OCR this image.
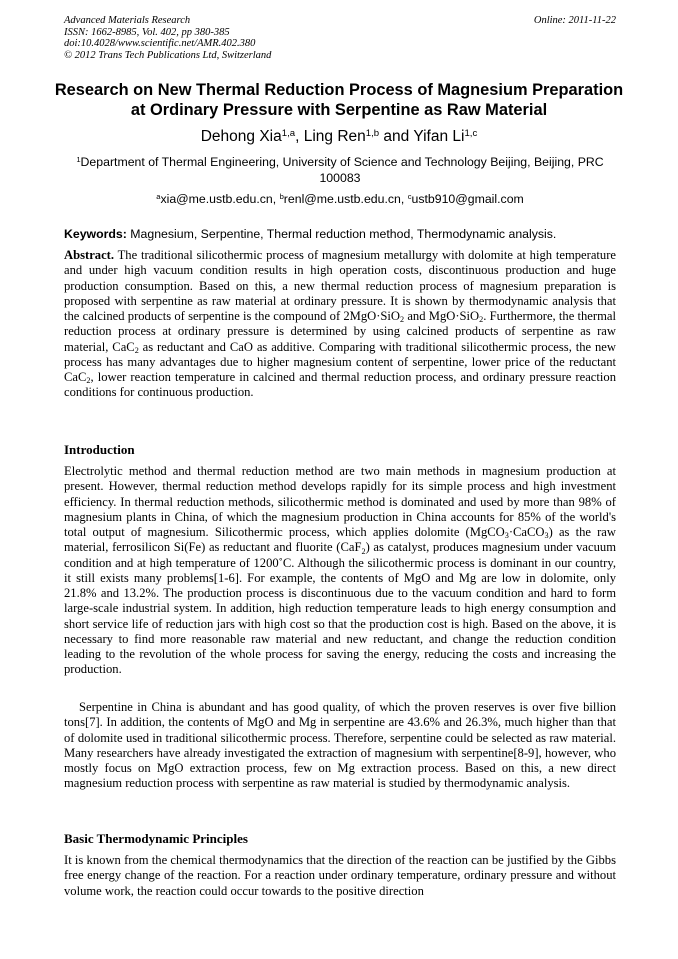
Advanced Materials Research
ISSN: 1662-8985, Vol. 402, pp 380-385
doi:10.4028/www.scientific.net/AMR.402.380
© 2012 Trans Tech Publications Ltd, Switzerland
Online: 2011-11-22
Research on New Thermal Reduction Process of Magnesium Preparation
at Ordinary Pressure with Serpentine as Raw Material
Dehong Xia$^{1,a}$, Ling Ren$^{1,b}$ and Yifan Li$^{1,c}$
$^1$Department of Thermal Engineering, University of Science and Technology Beijing, Beijing, PRC 100083
$^a$xia@me.ustb.edu.cn, $^b$renl@me.ustb.edu.cn, $^c$ustb910@gmail.com
Keywords: Magnesium, Serpentine, Thermal reduction method, Thermodynamic analysis.
Abstract. The traditional silicothermic process of magnesium metallurgy with dolomite at high temperature and under high vacuum condition results in high operation costs, discontinuous production and huge production consumption. Based on this, a new thermal reduction process of magnesium preparation is proposed with serpentine as raw material at ordinary pressure. It is shown by thermodynamic analysis that the calcined products of serpentine is the compound of 2MgO·SiO$_2$ and MgO·SiO$_2$. Furthermore, the thermal reduction process at ordinary pressure is determined by using calcined products of serpentine as raw material, CaC$_2$ as reductant and CaO as additive. Comparing with traditional silicothermic process, the new process has many advantages due to higher magnesium content of serpentine, lower price of the reductant CaC$_2$, lower reaction temperature in calcined and thermal reduction process, and ordinary pressure reaction conditions for continuous production.
Introduction
Electrolytic method and thermal reduction method are two main methods in magnesium production at present. However, thermal reduction method develops rapidly for its simple process and high investment efficiency. In thermal reduction methods, silicothermic method is dominated and used by more than 98% of magnesium plants in China, of which the magnesium production in China accounts for 85% of the world's total output of magnesium. Silicothermic process, which applies dolomite (MgCO$_3$·CaCO$_3$) as the raw material, ferrosilicon Si(Fe) as reductant and fluorite (CaF$_2$) as catalyst, produces magnesium under vacuum condition and at high temperature of 1200˚C. Although the silicothermic process is dominant in our country, it still exists many problems[1-6]. For example, the contents of MgO and Mg are low in dolomite, only 21.8% and 13.2%. The production process is discontinuous due to the vacuum condition and hard to form large-scale industrial system. In addition, high reduction temperature leads to high energy consumption and short service life of reduction jars with high cost so that the production cost is high. Based on the above, it is necessary to find more reasonable raw material and new reductant, and change the reduction condition leading to the revolution of the whole process for saving the energy, reducing the costs and increasing the production.
Serpentine in China is abundant and has good quality, of which the proven reserves is over five billion tons[7]. In addition, the contents of MgO and Mg in serpentine are 43.6% and 26.3%, much higher than that of dolomite used in traditional silicothermic process. Therefore, serpentine could be selected as raw material. Many researchers have already investigated the extraction of magnesium with serpentine[8-9], however, who mostly focus on MgO extraction process, few on Mg extraction process. Based on this, a new direct magnesium reduction process with serpentine as raw material is studied by thermodynamic analysis.
Basic Thermodynamic Principles
It is known from the chemical thermodynamics that the direction of the reaction can be justified by the Gibbs free energy change of the reaction. For a reaction under ordinary temperature, ordinary pressure and without volume work, the reaction could occur towards to the positive direction
